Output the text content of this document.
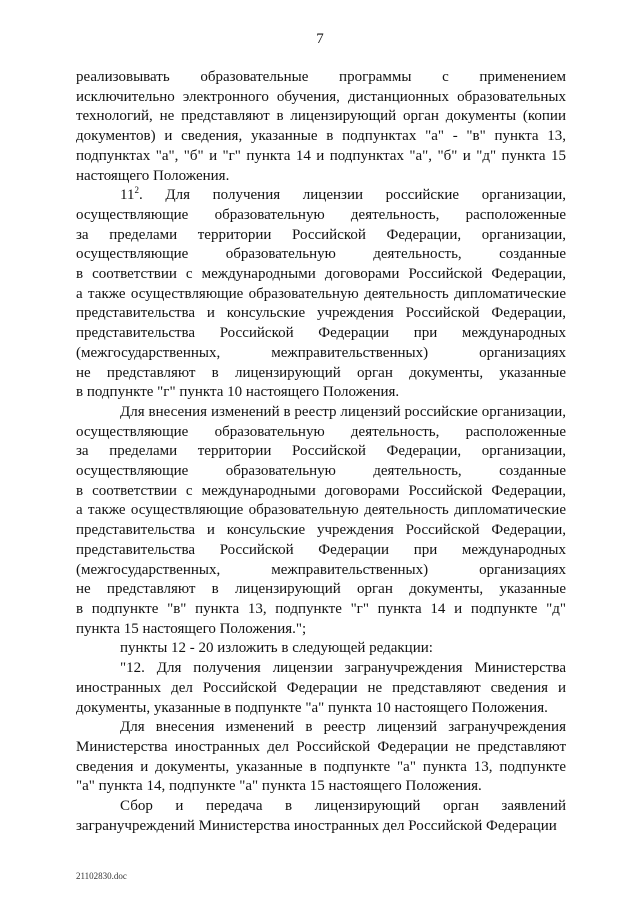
7
реализовывать образовательные программы с применением
исключительно электронного обучения, дистанционных образовательных
технологий, не представляют в лицензирующий орган документы (копии
документов) и сведения, указанные в подпунктах "а" - "в" пункта 13,
подпунктах "а", "б" и "г" пункта 14 и подпунктах "а", "б" и "д" пункта 15
настоящего Положения.
$11^2$. Для получения лицензии российские организации,
осуществляющие образовательную деятельность, расположенные
за пределами территории Российской Федерации, организации,
осуществляющие образовательную деятельность, созданные
в соответствии с международными договорами Российской Федерации,
а также осуществляющие образовательную деятельность дипломатические
представительства и консульские учреждения Российской Федерации,
представительства Российской Федерации при международных
(межгосударственных, межправительственных) организациях
не представляют в лицензирующий орган документы, указанные
в подпункте "г" пункта 10 настоящего Положения.
Для внесения изменений в реестр лицензий российские организации,
осуществляющие образовательную деятельность, расположенные
за пределами территории Российской Федерации, организации,
осуществляющие образовательную деятельность, созданные
в соответствии с международными договорами Российской Федерации,
а также осуществляющие образовательную деятельность дипломатические
представительства и консульские учреждения Российской Федерации,
представительства Российской Федерации при международных
(межгосударственных, межправительственных) организациях
не представляют в лицензирующий орган документы, указанные
в подпункте "в" пункта 13, подпункте "г" пункта 14 и подпункте "д"
пункта 15 настоящего Положения.";
пункты 12 - 20 изложить в следующей редакции:
"12. Для получения лицензии загранучреждения Министерства
иностранных дел Российской Федерации не представляют сведения и
документы, указанные в подпункте "а" пункта 10 настоящего Положения.
Для внесения изменений в реестр лицензий загранучреждения
Министерства иностранных дел Российской Федерации не представляют
сведения и документы, указанные в подпункте "а" пункта 13, подпункте
"а" пункта 14, подпункте "а" пункта 15 настоящего Положения.
Сбор и передача в лицензирующий орган заявлений
загранучреждений Министерства иностранных дел Российской Федерации
21102830.doc
